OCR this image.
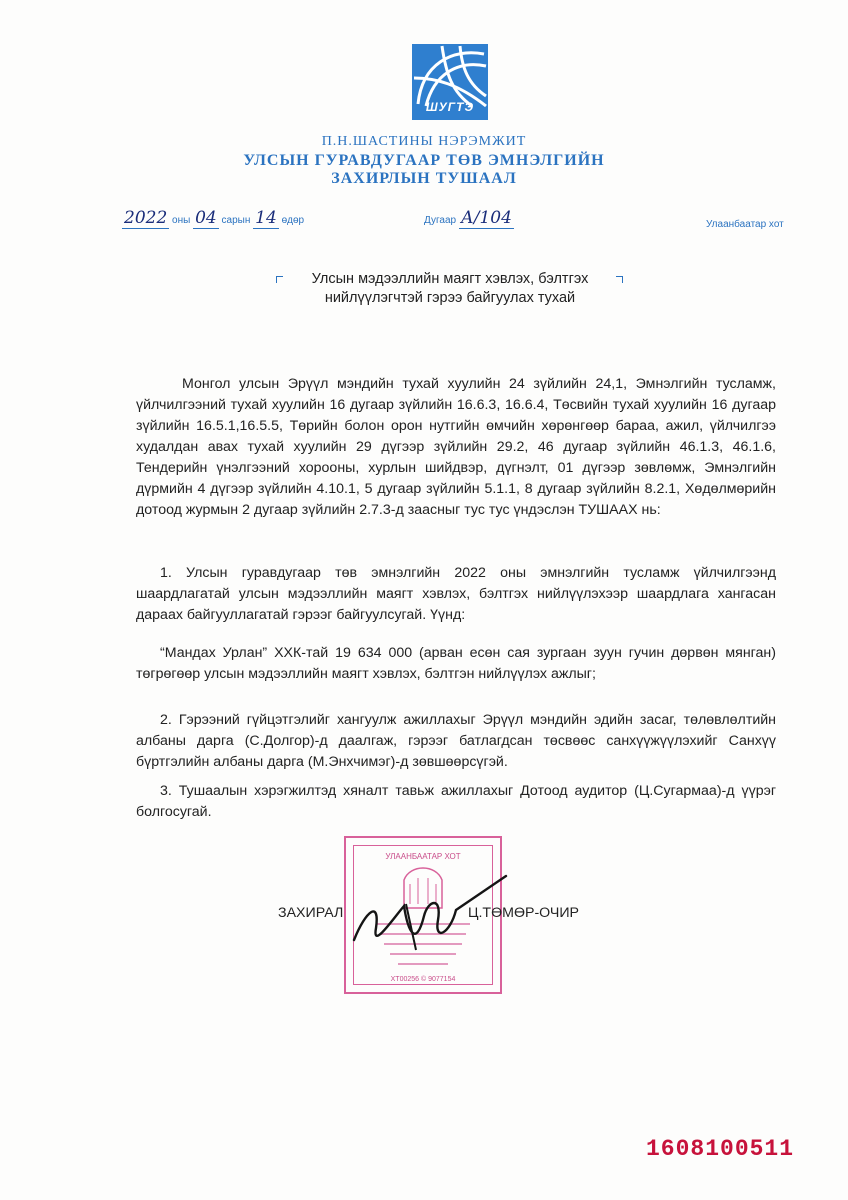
ШУГТЭ
П.Н.ШАСТИНЫ НЭРЭМЖИТ
УЛСЫН ГУРАВДУГААР ТӨВ ЭМНЭЛГИЙН
ЗАХИРЛЫН ТУШААЛ
2022 оны 04 сарын 14 өдөр	Дугаар А/104	Улаанбаатар хот
Улсын мэдээллийн маягт хэвлэх, бэлтгэх
нийлүүлэгчтэй гэрээ байгуулах тухай
Монгол улсын Эрүүл мэндийн тухай хуулийн 24 зүйлийн 24,1, Эмнэлгийн тусламж, үйлчилгээний тухай хуулийн 16 дугаар зүйлийн 16.6.3, 16.6.4, Төсвийн тухай хуулийн 16 дугаар зүйлийн 16.5.1,16.5.5, Төрийн болон орон нутгийн өмчийн хөрөнгөөр бараа, ажил, үйлчилгээ худалдан авах тухай хуулийн 29 дүгээр зүйлийн 29.2, 46 дугаар зүйлийн 46.1.3, 46.1.6, Тендерийн үнэлгээний хорооны, хурлын шийдвэр, дүгнэлт, 01 дүгээр зөвлөмж, Эмнэлгийн дүрмийн 4 дүгээр зүйлийн 4.10.1, 5 дугаар зүйлийн 5.1.1, 8 дугаар зүйлийн 8.2.1, Хөдөлмөрийн дотоод журмын 2 дугаар зүйлийн 2.7.3-д заасныг тус тус үндэслэн ТУШААХ нь:
1. Улсын гуравдугаар төв эмнэлгийн 2022 оны эмнэлгийн тусламж үйлчилгээнд шаардлагатай улсын мэдээллийн маягт хэвлэх, бэлтгэх нийлүүлэхээр шаардлага хангасан дараах байгууллагатай гэрээг байгуулсугай. Үүнд:
“Мандах Урлан” ХХК-тай 19 634 000 (арван есөн сая зургаан зуун гучин дөрвөн мянган) төгрөгөөр улсын мэдээллийн маягт хэвлэх, бэлтгэн нийлүүлэх ажлыг;
2. Гэрээний гүйцэтгэлийг хангуулж ажиллахыг Эрүүл мэндийн эдийн засаг, төлөвлөлтийн албаны дарга (С.Долгор)-д даалгаж, гэрээг батлагдсан төсвөөс санхүүжүүлэхийг Санхүү бүртгэлийн албаны дарга (М.Энхчимэг)-д зөвшөөрсүгэй.
3. Тушаалын хэрэгжилтэд хяналт тавьж ажиллахыг Дотоод аудитор (Ц.Сугармаа)-д үүрэг болгосугай.
УЛААНБААТАР ХОТ
ХТ00256 © 9077154
ЗАХИРАЛ	Ц.ТӨМӨР-ОЧИР
1608100511
